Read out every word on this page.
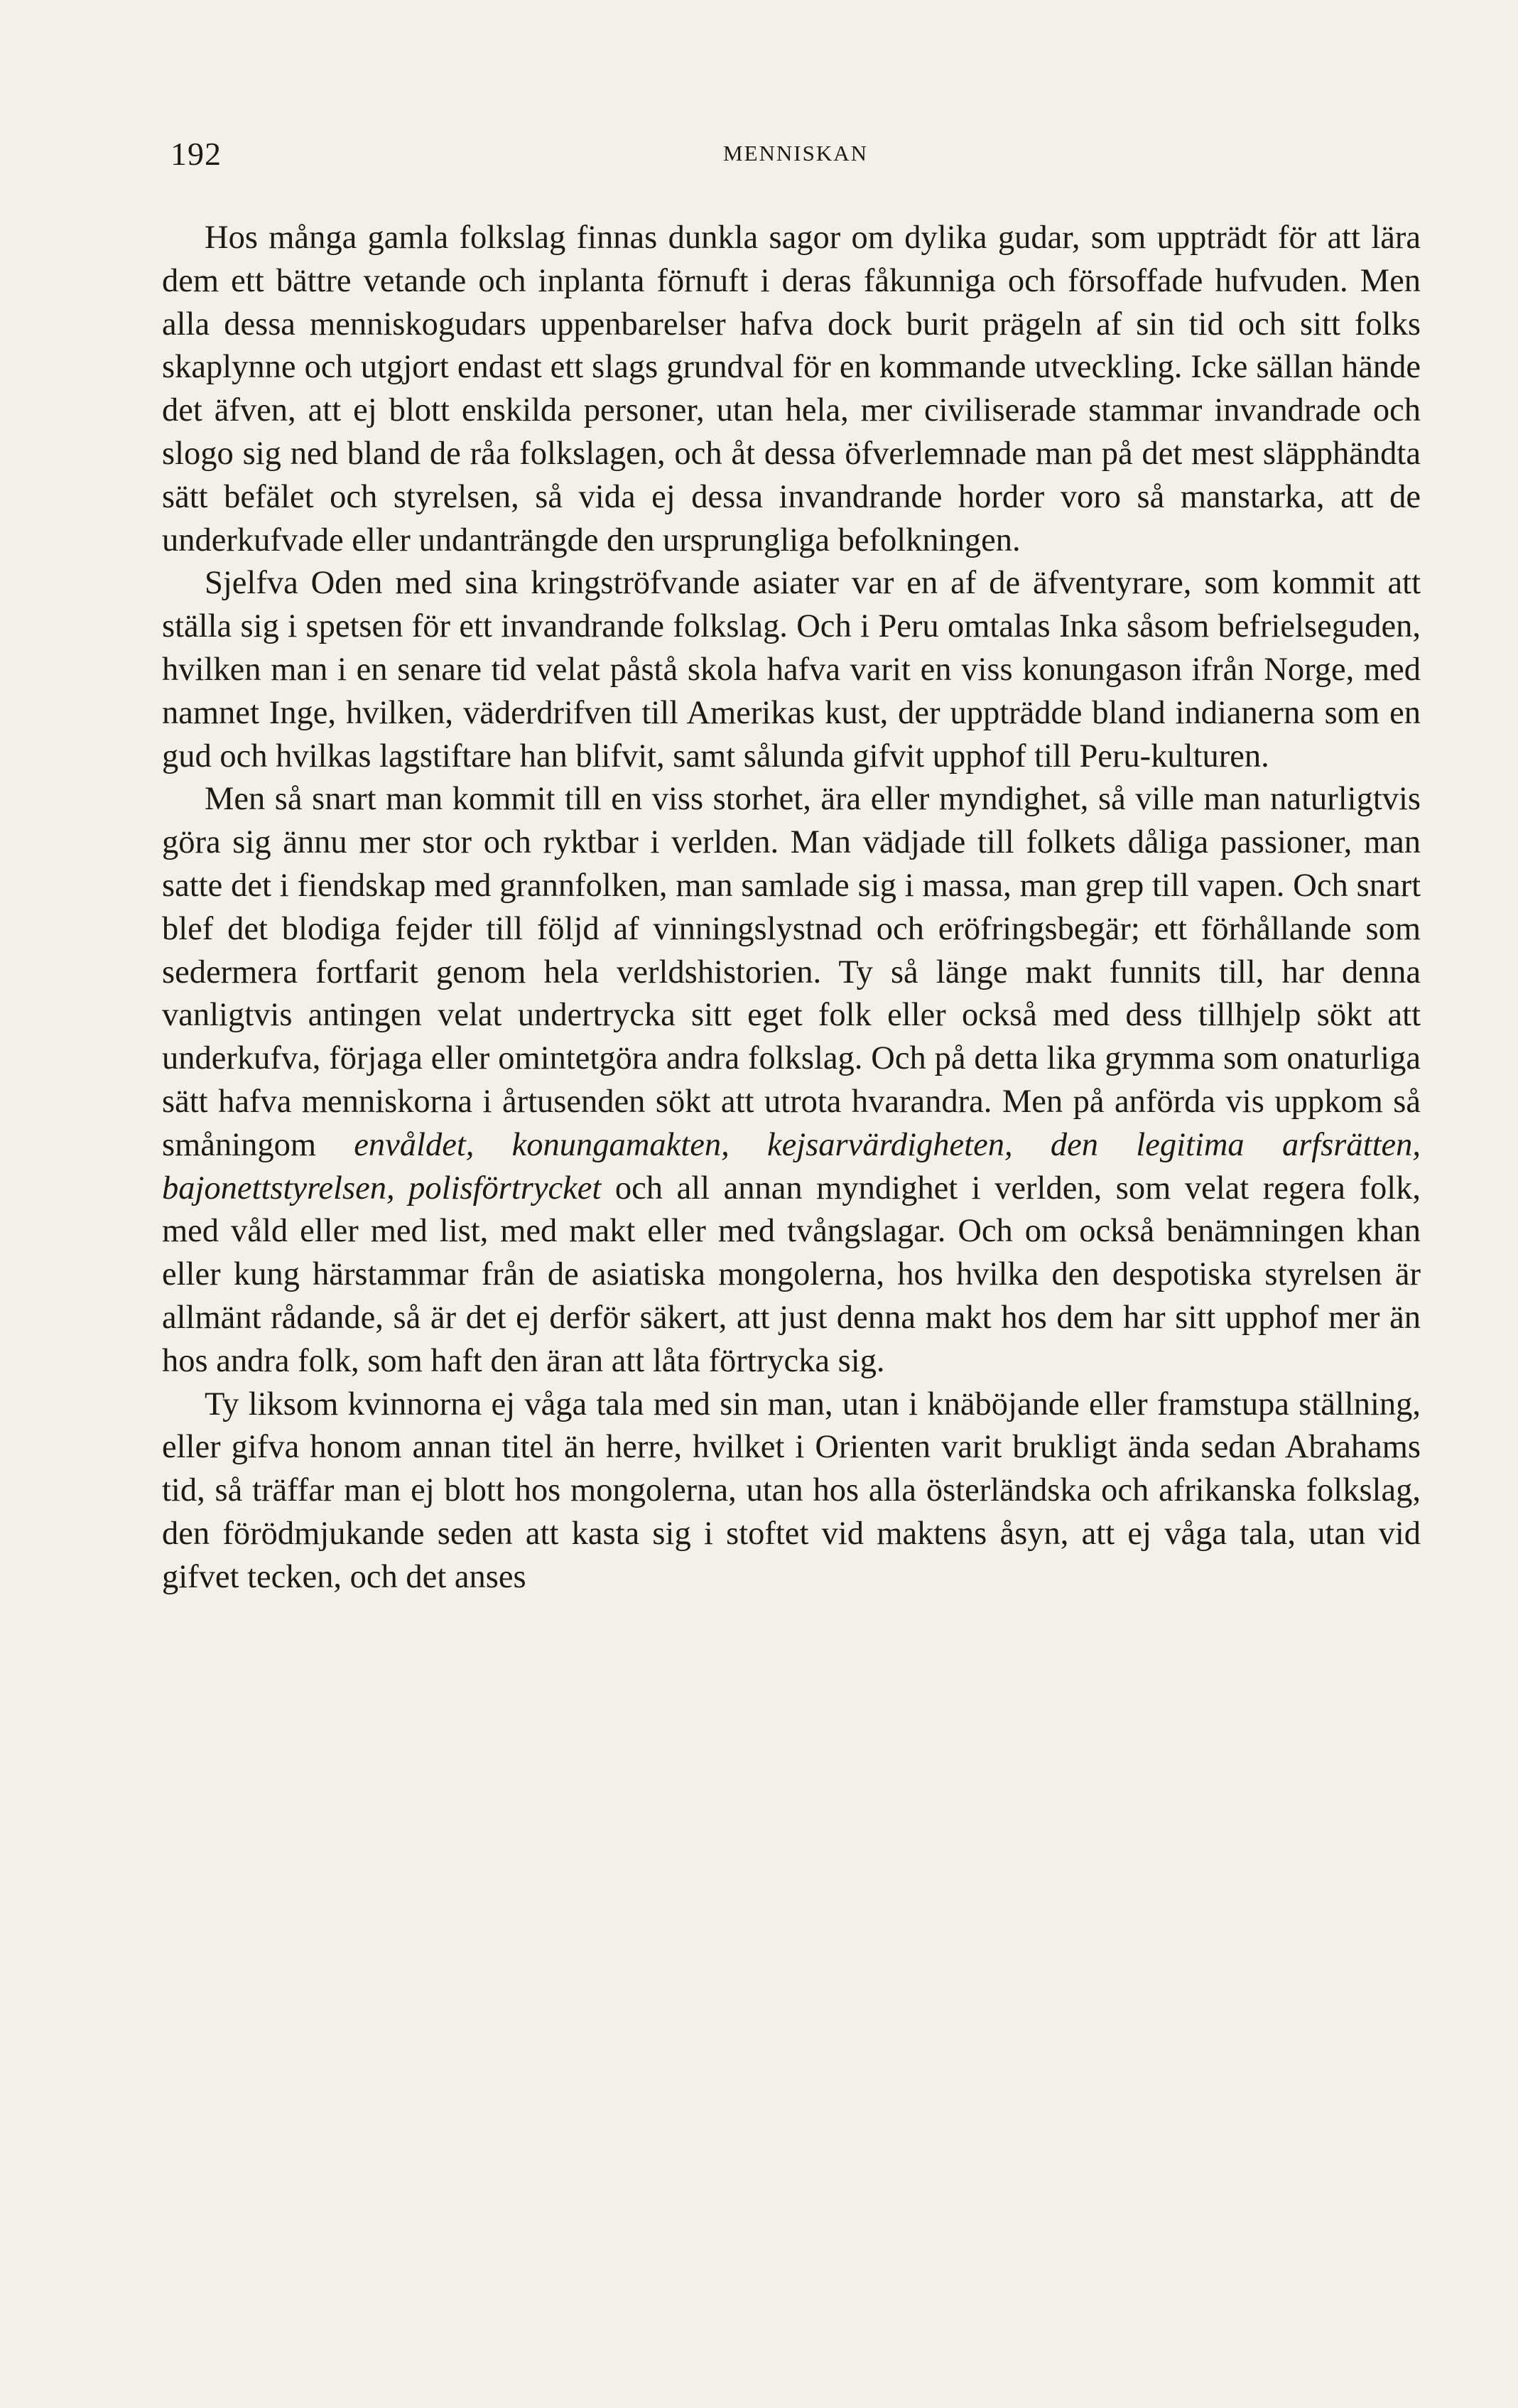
192	MENNISKAN

Hos många gamla folkslag finnas dunkla sagor om dylika gudar, som uppträdt för att lära dem ett bättre vetande och inplanta förnuft i deras fåkunniga och försoffade hufvuden. Men alla dessa menniskogudars uppenbarelser hafva dock burit prägeln af sin tid och sitt folks skaplynne och utgjort endast ett slags grundval för en kommande utveckling. Icke sällan hände det äfven, att ej blott enskilda personer, utan hela, mer civiliserade stammar invandrade och slogo sig ned bland de råa folkslagen, och åt dessa öfverlemnade man på det mest släpphändta sätt befälet och styrelsen, så vida ej dessa invandrande horder voro så manstarka, att de underkufvade eller undanträngde den ursprungliga befolkningen.

Sjelfva Oden med sina kringströfvande asiater var en af de äfventyrare, som kommit att ställa sig i spetsen för ett invandrande folkslag. Och i Peru omtalas Inka såsom befrielseguden, hvilken man i en senare tid velat påstå skola hafva varit en viss konungason ifrån Norge, med namnet Inge, hvilken, väderdrifven till Amerikas kust, der uppträdde bland indianerna som en gud och hvilkas lagstiftare han blifvit, samt sålunda gifvit upphof till Peru-kulturen.

Men så snart man kommit till en viss storhet, ära eller myndighet, så ville man naturligtvis göra sig ännu mer stor och ryktbar i verlden. Man vädjade till folkets dåliga passioner, man satte det i fiendskap med grannfolken, man samlade sig i massa, man grep till vapen. Och snart blef det blodiga fejder till följd af vinningslystnad och eröfringsbegär; ett förhållande som sedermera fortfarit genom hela verldshistorien. Ty så länge makt funnits till, har denna vanligtvis antingen velat undertrycka sitt eget folk eller också med dess tillhjelp sökt att underkufva, förjaga eller omintetgöra andra folkslag. Och på detta lika grymma som onaturliga sätt hafva menniskorna i årtusenden sökt att utrota hvarandra. Men på anförda vis uppkom så småningom envåldet, konungamakten, kejsarvärdigheten, den legitima arfsrätten, bajonettstyrelsen, polisförtrycket och all annan myndighet i verlden, som velat regera folk, med våld eller med list, med makt eller med tvångslagar. Och om också benämningen khan eller kung härstammar från de asiatiska mongolerna, hos hvilka den despotiska styrelsen är allmänt rådande, så är det ej derför säkert, att just denna makt hos dem har sitt upphof mer än hos andra folk, som haft den äran att låta förtrycka sig.

Ty liksom kvinnorna ej våga tala med sin man, utan i knäböjande eller framstupa ställning, eller gifva honom annan titel än herre, hvilket i Orienten varit brukligt ända sedan Abrahams tid, så träffar man ej blott hos mongolerna, utan hos alla österländska och afrikanska folkslag, den förödmjukande seden att kasta sig i stoftet vid maktens åsyn, att ej våga tala, utan vid gifvet tecken, och det anses
